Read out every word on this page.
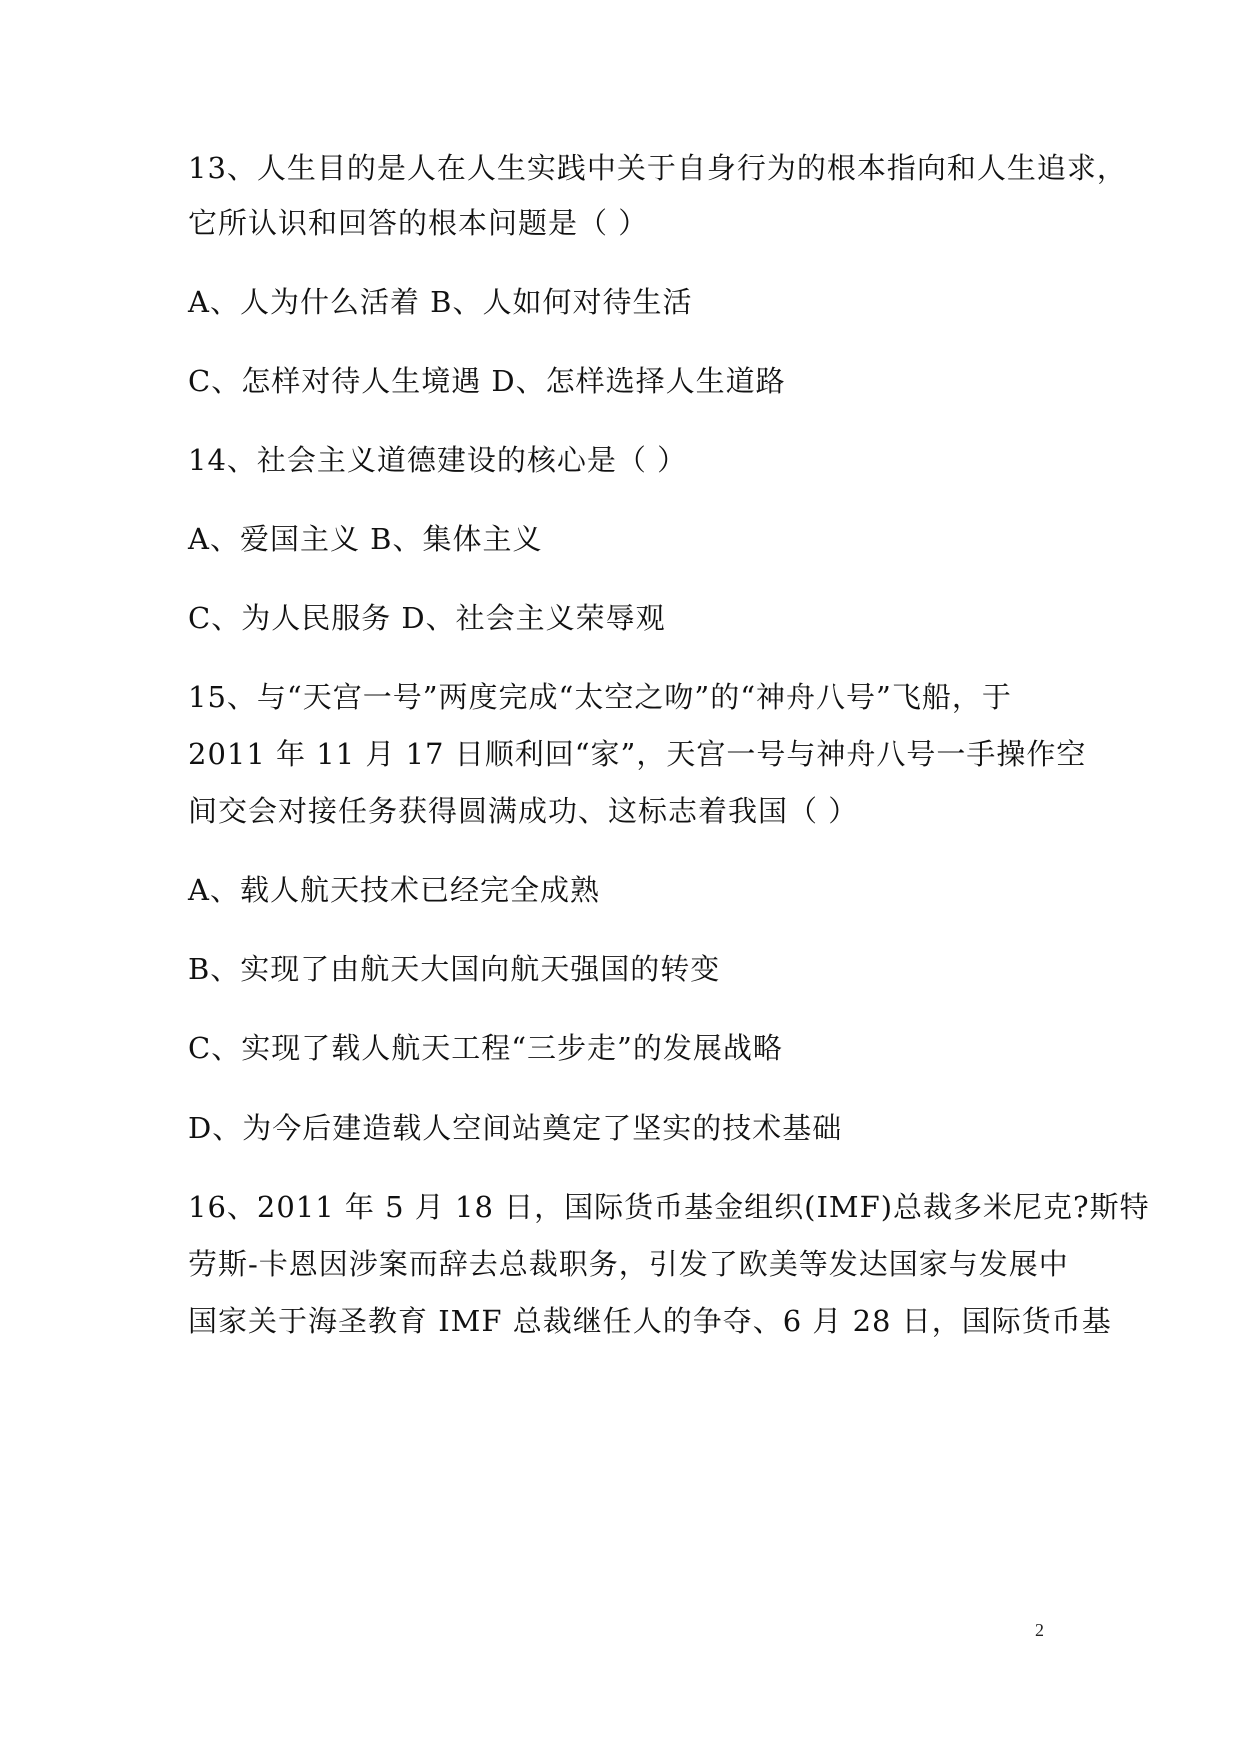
13、人生目的是人在人生实践中关于自身行为的根本指向和人生追求，
它所认识和回答的根本问题是（ ）
A、人为什么活着 B、人如何对待生活
C、怎样对待人生境遇 D、怎样选择人生道路
14、社会主义道德建设的核心是（ ）
A、爱国主义 B、集体主义
C、为人民服务 D、社会主义荣辱观
15、与“天宫一号”两度完成“太空之吻”的“神舟八号”飞船，于
2011 年 11 月 17 日顺利回“家”，天宫一号与神舟八号一手操作空
间交会对接任务获得圆满成功、这标志着我国（ ）
A、载人航天技术已经完全成熟
B、实现了由航天大国向航天强国的转变
C、实现了载人航天工程“三步走”的发展战略
D、为今后建造载人空间站奠定了坚实的技术基础
16、2011 年 5 月 18 日，国际货币基金组织(IMF)总裁多米尼克?斯特
劳斯-卡恩因涉案而辞去总裁职务，引发了欧美等发达国家与发展中
国家关于海圣教育 IMF 总裁继任人的争夺、6 月 28 日，国际货币基
2
